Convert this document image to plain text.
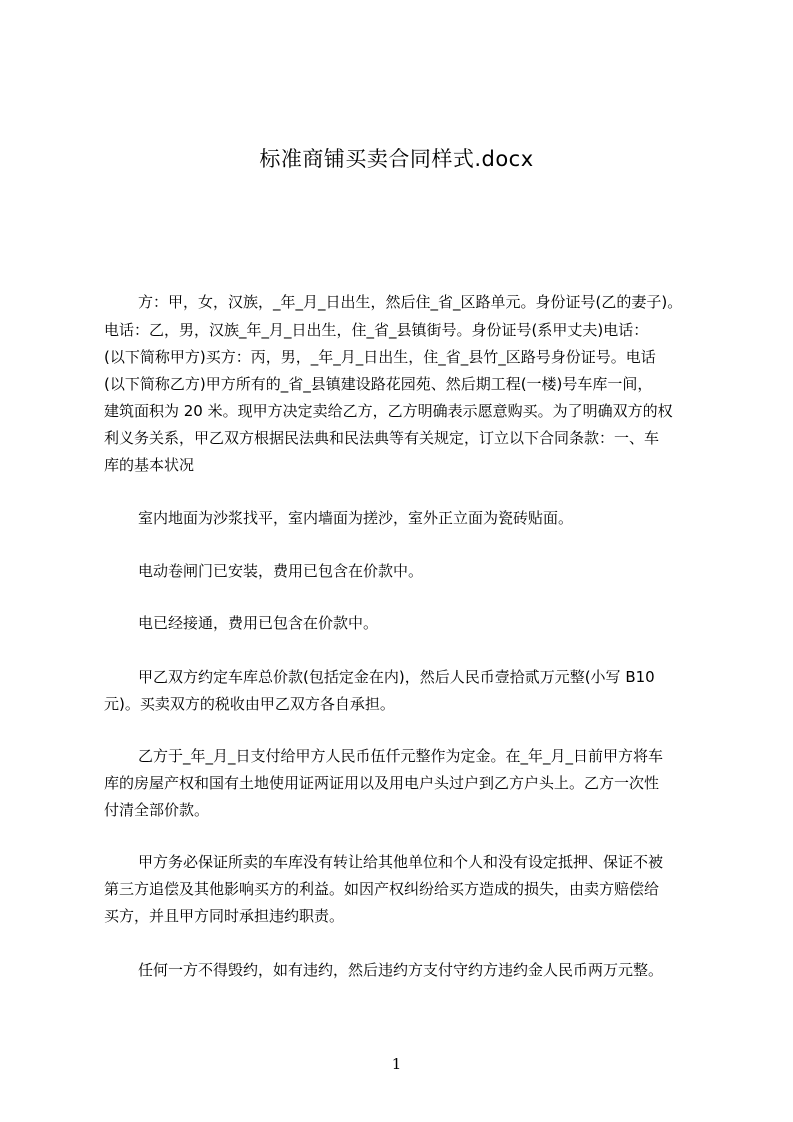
标准商铺买卖合同样式.docx
方：甲，女，汉族，_年_月_日出生，然后住_省_区路单元。身份证号(乙的妻子)。
电话：乙，男，汉族_年_月_日出生，住_省_县镇街号。身份证号(系甲丈夫)电话：
(以下简称甲方)买方：丙，男，_年_月_日出生，住_省_县竹_区路号身份证号。电话
(以下简称乙方)甲方所有的_省_县镇建设路花园苑、然后期工程(一楼)号车库一间，
建筑面积为 20 米。现甲方决定卖给乙方，乙方明确表示愿意购买。为了明确双方的权
利义务关系，甲乙双方根据民法典和民法典等有关规定，订立以下合同条款：一、车
库的基本状况
室内地面为沙浆找平，室内墙面为搓沙，室外正立面为瓷砖贴面。
电动卷闸门已安装，费用已包含在价款中。
电已经接通，费用已包含在价款中。
甲乙双方约定车库总价款(包括定金在内)，然后人民币壹拾贰万元整(小写 B10
元)。买卖双方的税收由甲乙双方各自承担。
乙方于_年_月_日支付给甲方人民币伍仟元整作为定金。在_年_月_日前甲方将车
库的房屋产权和国有土地使用证两证用以及用电户头过户到乙方户头上。乙方一次性
付清全部价款。
甲方务必保证所卖的车库没有转让给其他单位和个人和没有设定抵押、保证不被
第三方追偿及其他影响买方的利益。如因产权纠纷给买方造成的损失，由卖方赔偿给
买方，并且甲方同时承担违约职责。
任何一方不得毁约，如有违约，然后违约方支付守约方违约金人民币两万元整。
1
